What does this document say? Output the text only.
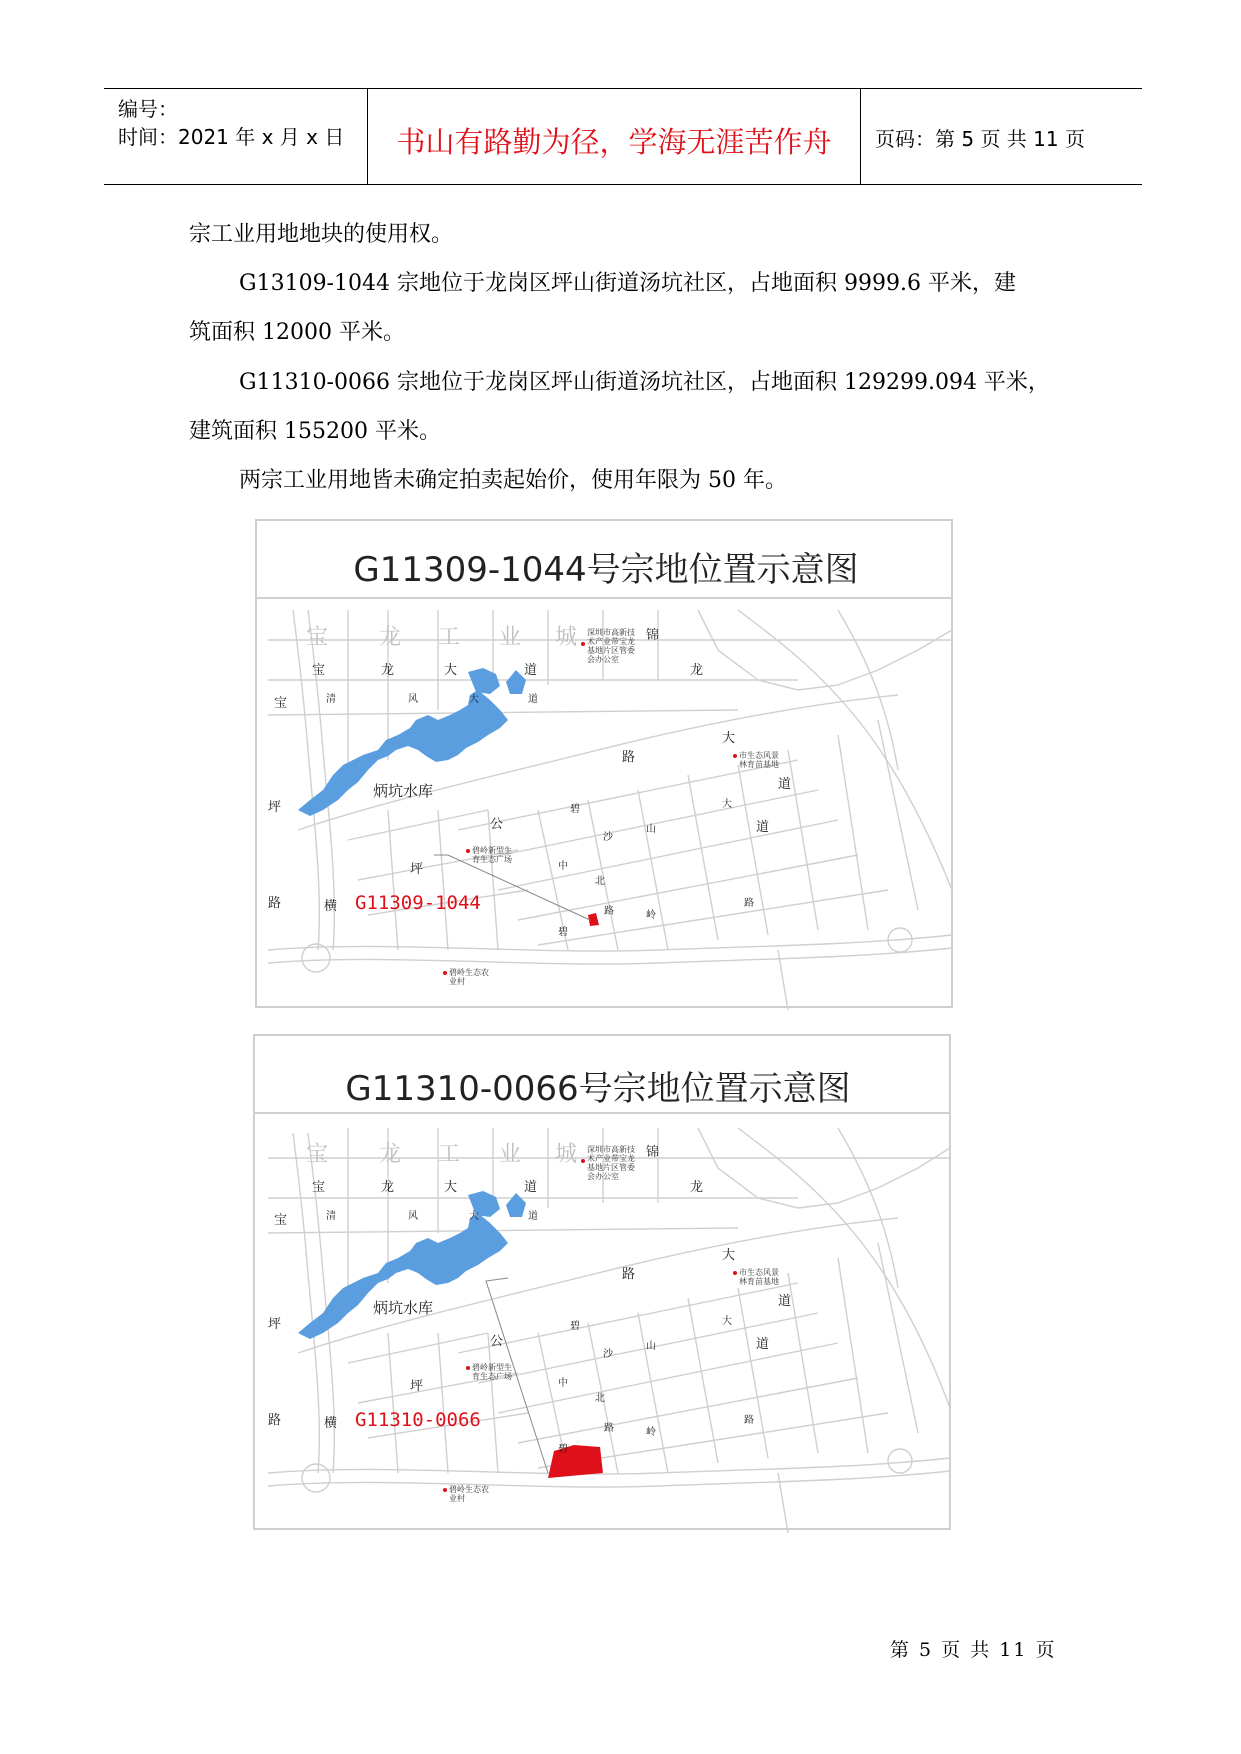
编号：
时间：2021 年 x 月 x 日	书山有路勤为径，学海无涯苦作舟	页码：第 5 页 共 11 页
宗工业用地地块的使用权。
G13109-1044 宗地位于龙岗区坪山街道汤坑社区，占地面积 9999.6 平米，建
筑面积 12000 平米。
G11310-0066 宗地位于龙岗区坪山街道汤坑社区，占地面积 129299.094 平米，
建筑面积 155200 平米。
两宗工业用地皆未确定拍卖起始价，使用年限为 50 年。
G11309-1044号宗地位置示意图
宝 龙 工 业 城 深圳市高新技术产业带宝龙基地片区管委会办公室
锦
宝	龙	大	道	龙
宝	清	风	大	道
路
大
道
大
道
市生态风景林育苗基地
坪
路
炳坑水库
公
碧
沙
山
中
北
路	岭
路
碧
碧岭新型生育生态广场
坪
横 G11309-1044
碧岭生态农业村
G11310-0066号宗地位置示意图
宝 龙 工 业 城 深圳市高新技术产业带宝龙基地片区管委会办公室
锦
宝	龙	大	道	龙
宝	清	风	大	道
路
大
道
大
道
市生态风景林育苗基地
坪
路
炳坑水库
公
碧
沙
山
中
北
路	岭
路
碧
碧岭新型生育生态广场
坪
横 G11310-0066
碧岭生态农业村
第 5 页 共 11 页
